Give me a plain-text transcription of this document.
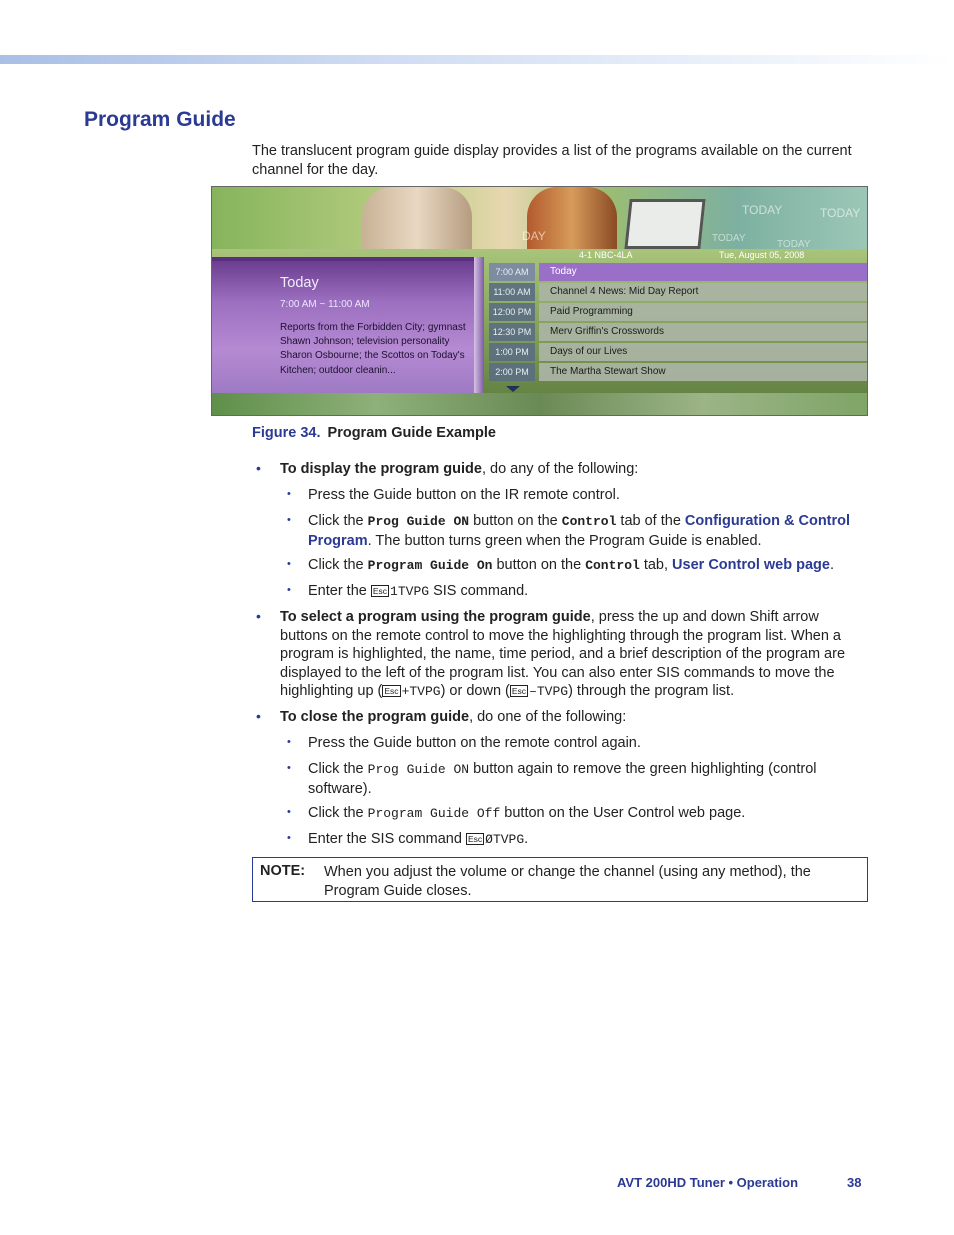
Program Guide

The translucent program guide display provides a list of the programs available on the current channel for the day.

TODAY	TODAY
TODAY
TODAY
DAY
Today
7:00 AM ~ 11:00 AM
Reports from the Forbidden City; gymnast Shawn Johnson; television personality Sharon Osbourne; the Scottos on Today's Kitchen; outdoor cleanin...
4-1 NBC-4LA	Tue, August 05, 2008
7:00 AM	Today
11:00 AM	Channel 4 News: Mid Day Report
12:00 PM	Paid Programming
12:30 PM	Merv Griffin's Crosswords
1:00 PM	Days of our Lives
2:00 PM	The Martha Stewart Show
Figure 34. Program Guide Example
• To display the program guide, do any of the following:

• Press the Guide button on the IR remote control.

• Click the Prog Guide ON button on the Control tab of the Configuration & Control Program. The button turns green when the Program Guide is enabled.

• Click the Program Guide On button on the Control tab, User Control web page.

• Enter the Esc 1TVPG SIS command.

• To select a program using the program guide, press the up and down Shift arrow buttons on the remote control to move the highlighting through the program list. When a program is highlighted, the name, time period, and a brief description of the program are displayed to the left of the program list. You can also enter SIS commands to move the highlighting up ( Esc +TVPG) or down ( Esc –TVPG) through the program list.

• To close the program guide, do one of the following:

• Press the Guide button on the remote control again.

• Click the Prog Guide ON button again to remove the green highlighting (control software).

• Click the Program Guide Off button on the User Control web page.

• Enter the SIS command Esc ØTVPG.

NOTE: When you adjust the volume or change the channel (using any method), the Program Guide closes.
AVT 200HD Tuner • Operation	38
